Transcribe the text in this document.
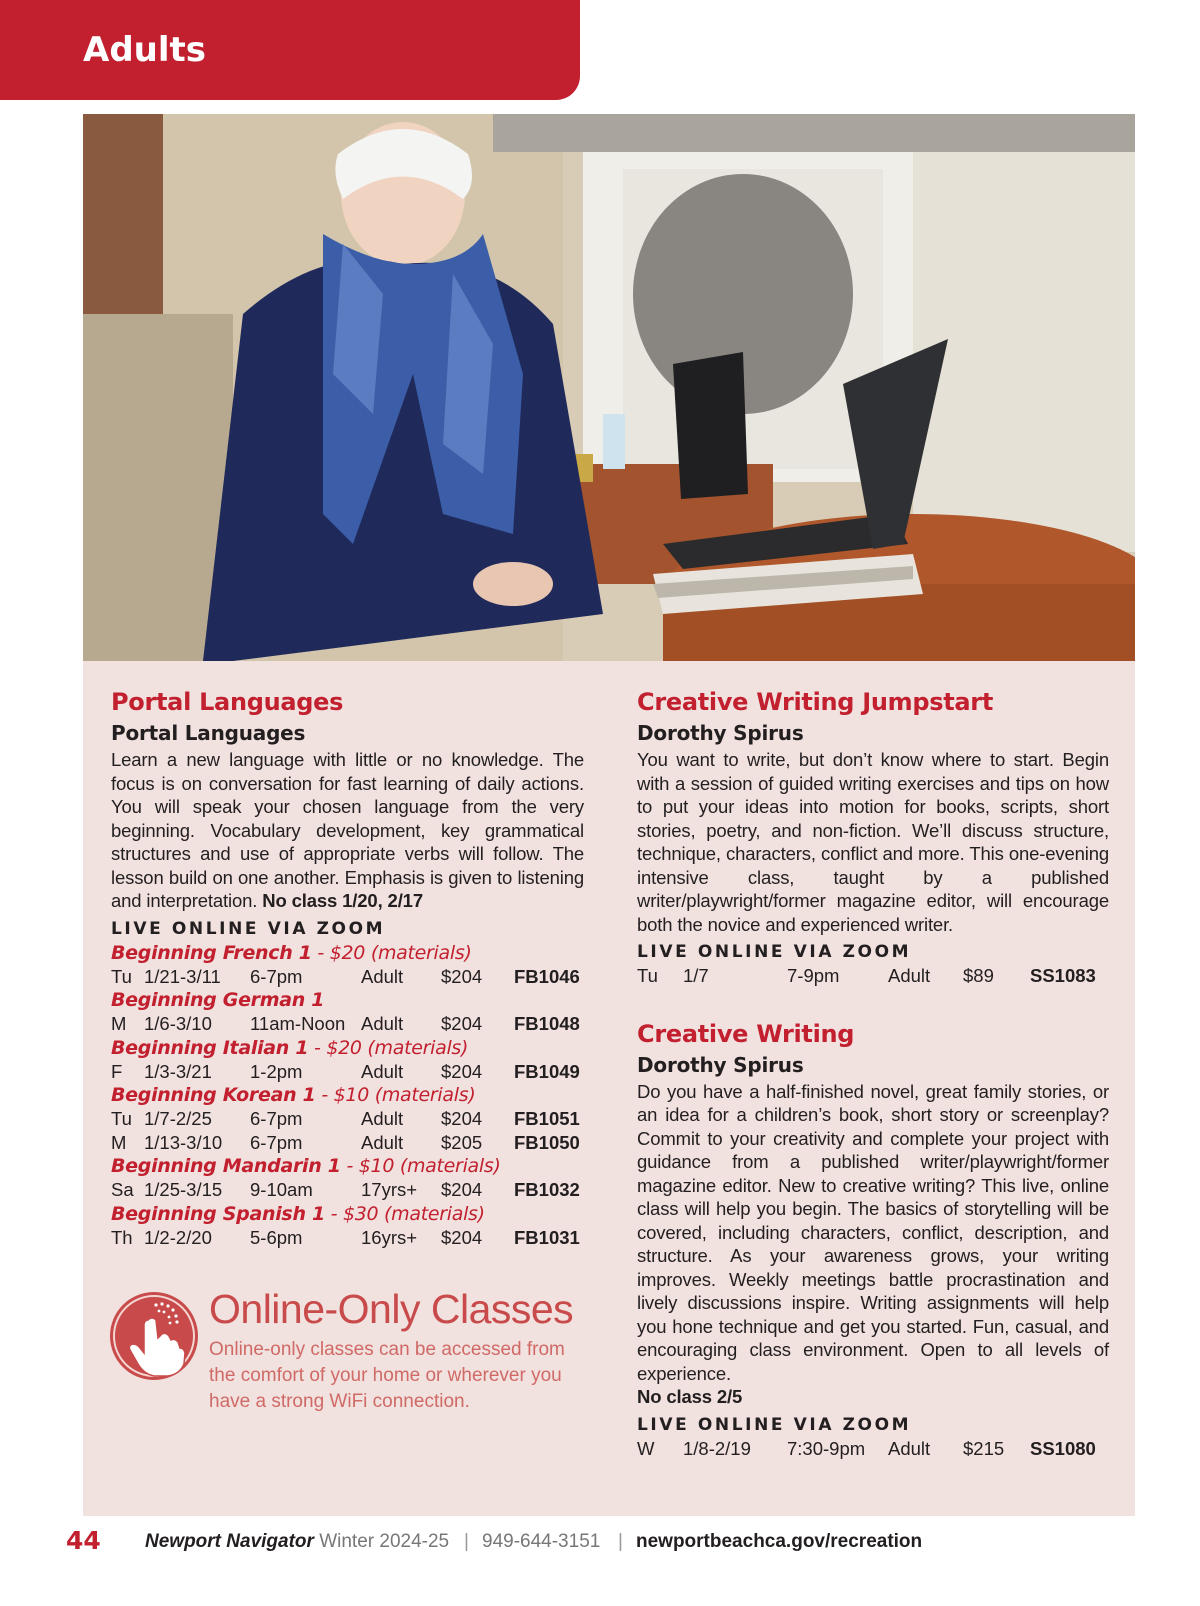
Adults
Portal Languages
Portal Languages
Learn a new language with little or no knowledge. The focus is on conversation for fast learning of daily actions. You will speak your chosen language from the very beginning. Vocabulary development, key grammatical structures and use of appropriate verbs will follow. The lesson build on one another. Emphasis is given to listening and interpretation. No class 1/20, 2/17
LIVE ONLINE VIA ZOOM
Beginning French 1 - $20 (materials)
Tu 1/21-3/11 6-7pm	Adult $204 FB1046
Beginning German 1
M 1/6-3/10 11am-Noon Adult $204 FB1048
Beginning Italian 1 - $20 (materials)
F 1/3-3/21 1-2pm	Adult $204 FB1049
Beginning Korean 1 - $10 (materials)
Tu 1/7-2/25 6-7pm	Adult $204 FB1051
M 1/13-3/10 6-7pm	Adult $205 FB1050
Beginning Mandarin 1 - $10 (materials)
Sa 1/25-3/15 9-10am	17yrs+ $204 FB1032
Beginning Spanish 1 - $30 (materials)
Th 1/2-2/20 5-6pm	16yrs+ $204 FB1031
Creative Writing Jumpstart
Dorothy Spirus
You want to write, but don’t know where to start. Begin with a session of guided writing exercises and tips on how to put your ideas into motion for books, scripts, short stories, poetry, and non-fiction. We’ll discuss structure, technique, characters, conflict and more. This one-evening intensive class, taught by a published writer/playwright/former magazine editor, will encourage both the novice and experienced writer.
LIVE ONLINE VIA ZOOM
Tu 1/7	7-9pm	Adult $89 SS1083
Creative Writing
Dorothy Spirus
Do you have a half-finished novel, great family stories, or an idea for a children’s book, short story or screenplay? Commit to your creativity and complete your project with guidance from a published writer/playwright/former magazine editor. New to creative writing? This live, online class will help you begin. The basics of storytelling will be covered, including characters, conflict, description, and structure. As your awareness grows, your writing improves. Weekly meetings battle procrastination and lively discussions inspire. Writing assignments will help you hone technique and get you started. Fun, casual, and encouraging class environment. Open to all levels of experience.
No class 2/5
LIVE ONLINE VIA ZOOM
W 1/8-2/19 7:30-9pm Adult $215 SS1080
Online-Only Classes
Online-only classes can be accessed from the comfort of your home or wherever you have a strong WiFi connection.
44 Newport Navigator Winter 2024-25 | 949-644-3151 | newportbeachca.gov/recreation
